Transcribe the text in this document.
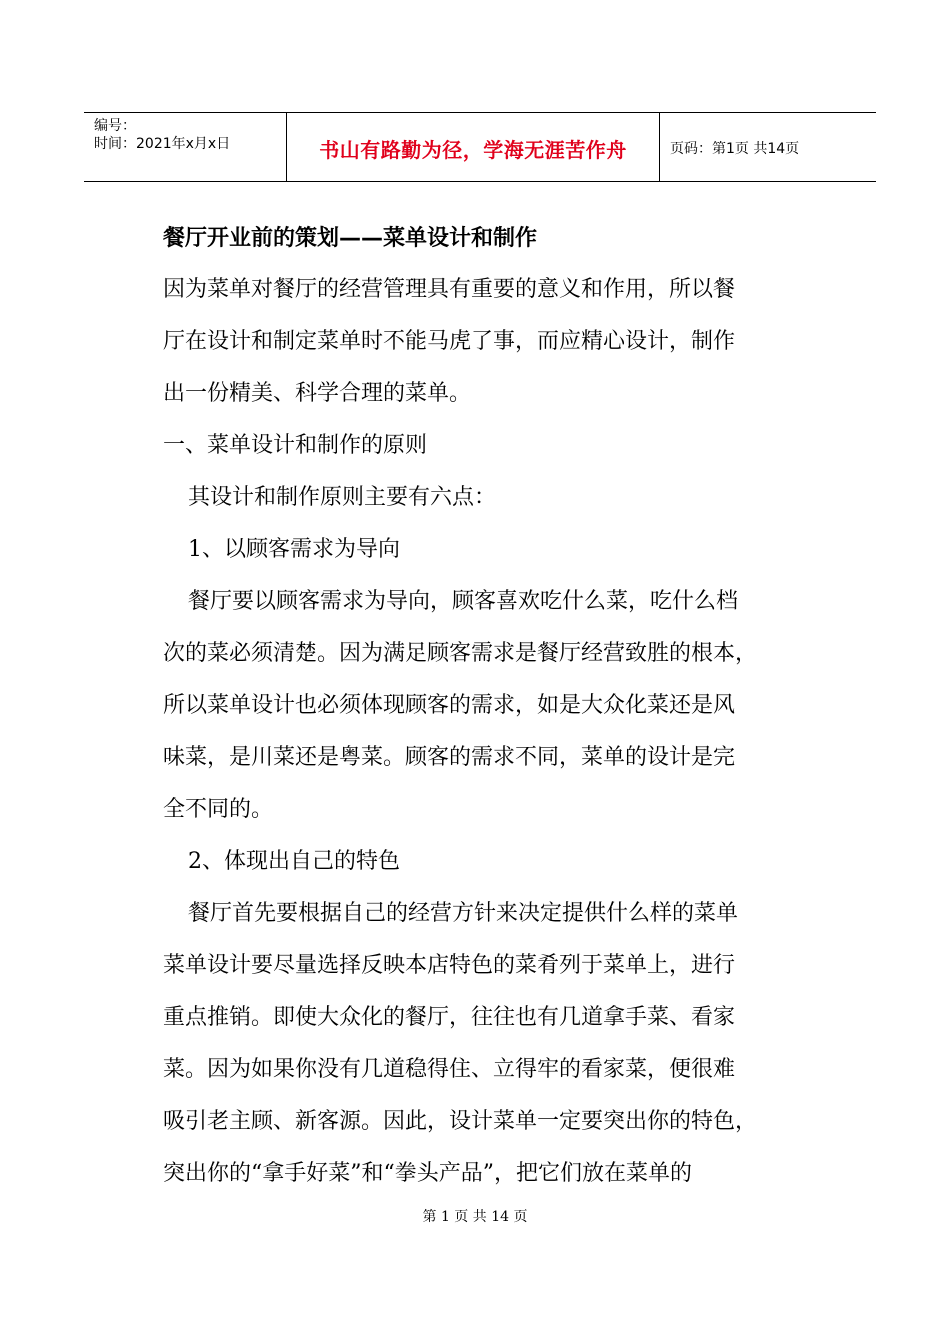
编号：
时间：2021年x月x日	书山有路勤为径，学海无涯苦作舟	页码：第1页 共14页
餐厅开业前的策划——菜单设计和制作
因为菜单对餐厅的经营管理具有重要的意义和作用，所以餐
厅在设计和制定菜单时不能马虎了事，而应精心设计，制作
出一份精美、科学合理的菜单。
一、菜单设计和制作的原则
其设计和制作原则主要有六点：
1、以顾客需求为导向
餐厅要以顾客需求为导向，顾客喜欢吃什么菜，吃什么档
次的菜必须清楚。因为满足顾客需求是餐厅经营致胜的根本，
所以菜单设计也必须体现顾客的需求，如是大众化菜还是风
味菜，是川菜还是粤菜。顾客的需求不同，菜单的设计是完
全不同的。
2、体现出自己的特色
餐厅首先要根据自己的经营方针来决定提供什么样的菜单
菜单设计要尽量选择反映本店特色的菜肴列于菜单上，进行
重点推销。即使大众化的餐厅，往往也有几道拿手菜、看家
菜。因为如果你没有几道稳得住、立得牢的看家菜，便很难
吸引老主顾、新客源。因此，设计菜单一定要突出你的特色，
突出你的“拿手好菜”和“拳头产品”，把它们放在菜单的
第 1 页 共 14 页
